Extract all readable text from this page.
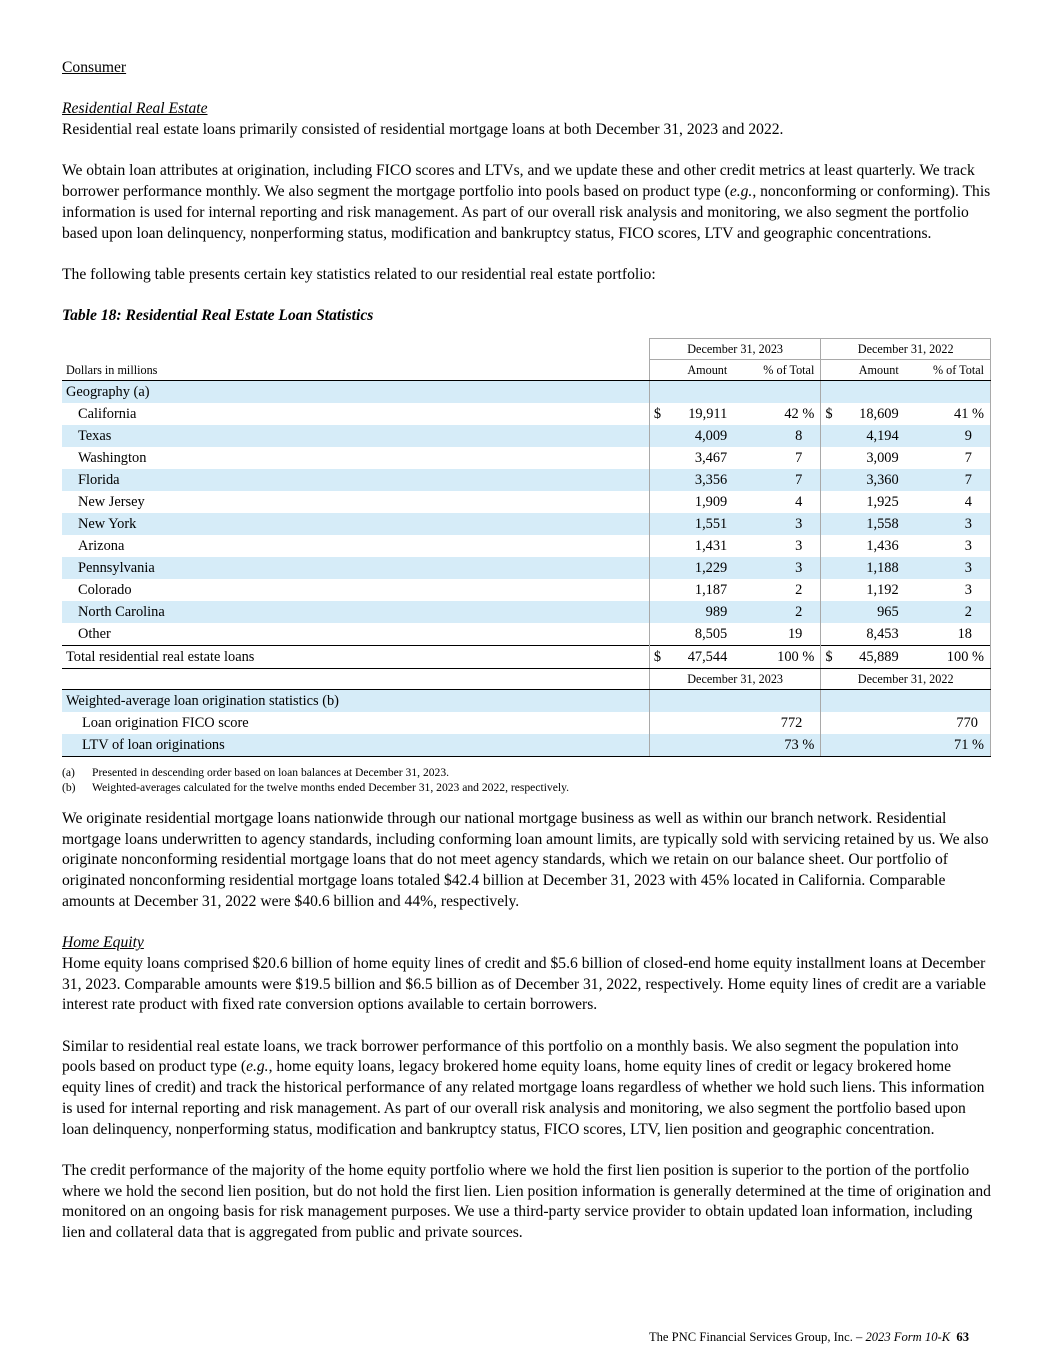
Consumer

Residential Real Estate

Residential real estate loans primarily consisted of residential mortgage loans at both December 31, 2023 and 2022.

We obtain loan attributes at origination, including FICO scores and LTVs, and we update these and other credit metrics at least quarterly. We track borrower performance monthly. We also segment the mortgage portfolio into pools based on product type (e.g., nonconforming or conforming). This information is used for internal reporting and risk management. As part of our overall risk analysis and monitoring, we also segment the portfolio based upon loan delinquency, nonperforming status, modification and bankruptcy status, FICO scores, LTV and geographic concentrations.

The following table presents certain key statistics related to our residential real estate portfolio:

Table 18: Residential Real Estate Loan Statistics

	December 31, 2023		December 31, 2022	
Dollars in millions	Amount	% of Total	Amount	% of Total
Geography (a)				
California	$ 19,911	42 %	$ 18,609	41 %
Texas	4,009	8	4,194	9
Washington	3,467	7	3,009	7
Florida	3,356	7	3,360	7
New Jersey	1,909	4	1,925	4
New York	1,551	3	1,558	3
Arizona	1,431	3	1,436	3
Pennsylvania	1,229	3	1,188	3
Colorado	1,187	2	1,192	3
North Carolina	989	2	965	2
Other	8,505	19	8,453	18
Total residential real estate loans	$ 47,544	100 %	$ 45,889	100 %
	December 31, 2023		December 31, 2022	
Weighted-average loan origination statistics (b)				
Loan origination FICO score	772		770	
LTV of loan originations	73 %		71 %	
(a) Presented in descending order based on loan balances at December 31, 2023.
(b) Weighted-averages calculated for the twelve months ended December 31, 2023 and 2022, respectively.

We originate residential mortgage loans nationwide through our national mortgage business as well as within our branch network. Residential mortgage loans underwritten to agency standards, including conforming loan amount limits, are typically sold with servicing retained by us. We also originate nonconforming residential mortgage loans that do not meet agency standards, which we retain on our balance sheet. Our portfolio of originated nonconforming residential mortgage loans totaled $42.4 billion at December 31, 2023 with 45% located in California. Comparable amounts at December 31, 2022 were $40.6 billion and 44%, respectively.

Home Equity

Home equity loans comprised $20.6 billion of home equity lines of credit and $5.6 billion of closed-end home equity installment loans at December 31, 2023. Comparable amounts were $19.5 billion and $6.5 billion as of December 31, 2022, respectively. Home equity lines of credit are a variable interest rate product with fixed rate conversion options available to certain borrowers.

Similar to residential real estate loans, we track borrower performance of this portfolio on a monthly basis. We also segment the population into pools based on product type (e.g., home equity loans, legacy brokered home equity loans, home equity lines of credit or legacy brokered home equity lines of credit) and track the historical performance of any related mortgage loans regardless of whether we hold such liens. This information is used for internal reporting and risk management. As part of our overall risk analysis and monitoring, we also segment the portfolio based upon loan delinquency, nonperforming status, modification and bankruptcy status, FICO scores, LTV, lien position and geographic concentration.

The credit performance of the majority of the home equity portfolio where we hold the first lien position is superior to the portion of the portfolio where we hold the second lien position, but do not hold the first lien. Lien position information is generally determined at the time of origination and monitored on an ongoing basis for risk management purposes. We use a third-party service provider to obtain updated loan information, including lien and collateral data that is aggregated from public and private sources.

The PNC Financial Services Group, Inc. – 2023 Form 10-K 63
